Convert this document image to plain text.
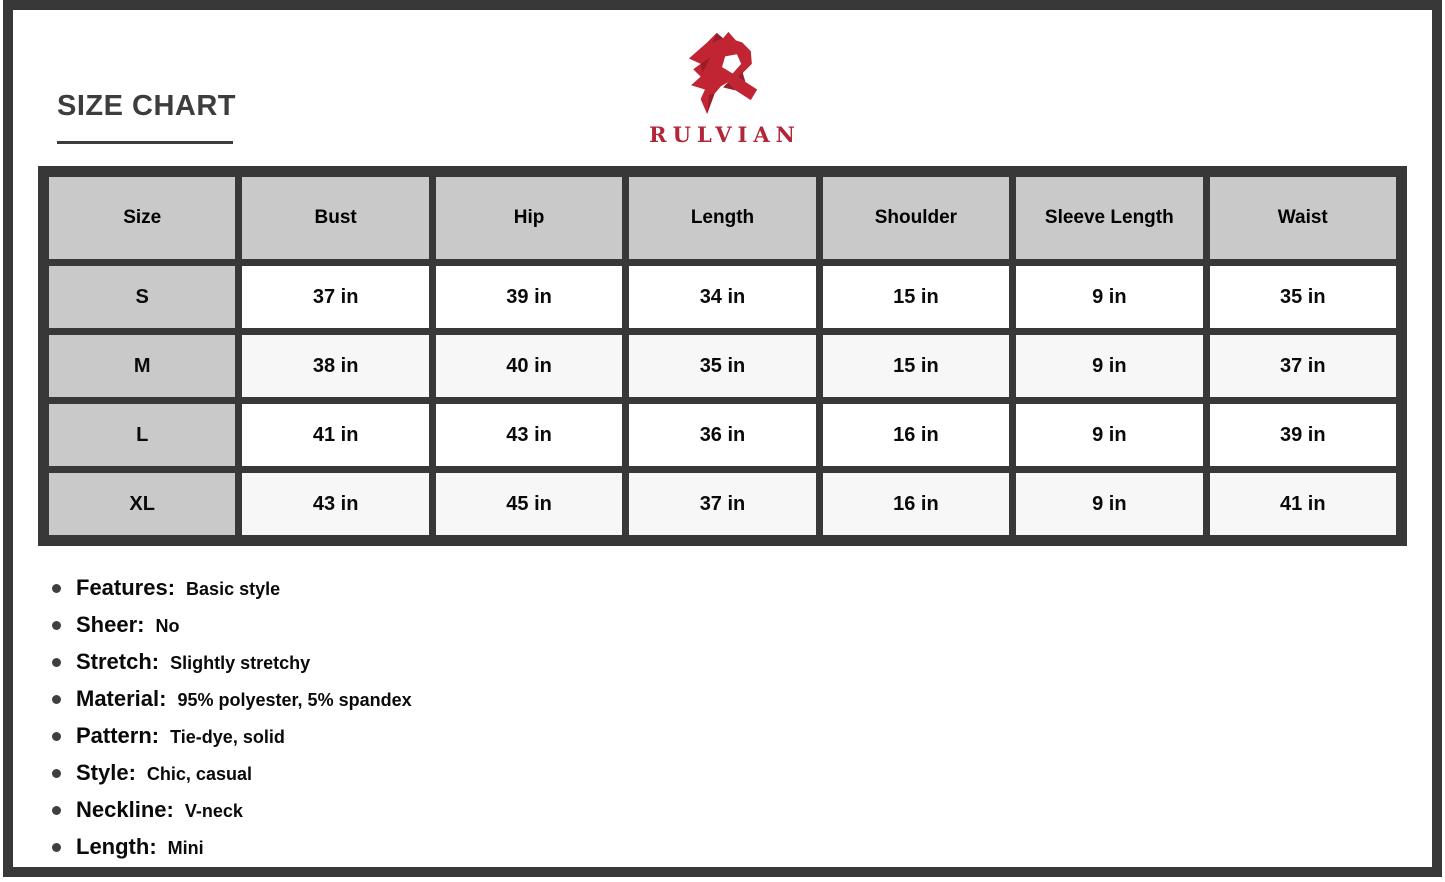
SIZE CHART
RULVIAN
Size	Bust	Hip	Length	Shoulder	Sleeve Length	Waist
S	37 in	39 in	34 in	15 in	9 in	35 in
M	38 in	40 in	35 in	15 in	9 in	37 in
L	41 in	43 in	36 in	16 in	9 in	39 in
XL	43 in	45 in	37 in	16 in	9 in	41 in
Features: Basic style
Sheer: No
Stretch: Slightly stretchy
Material: 95% polyester, 5% spandex
Pattern: Tie-dye, solid
Style: Chic, casual
Neckline: V-neck
Length: Mini
